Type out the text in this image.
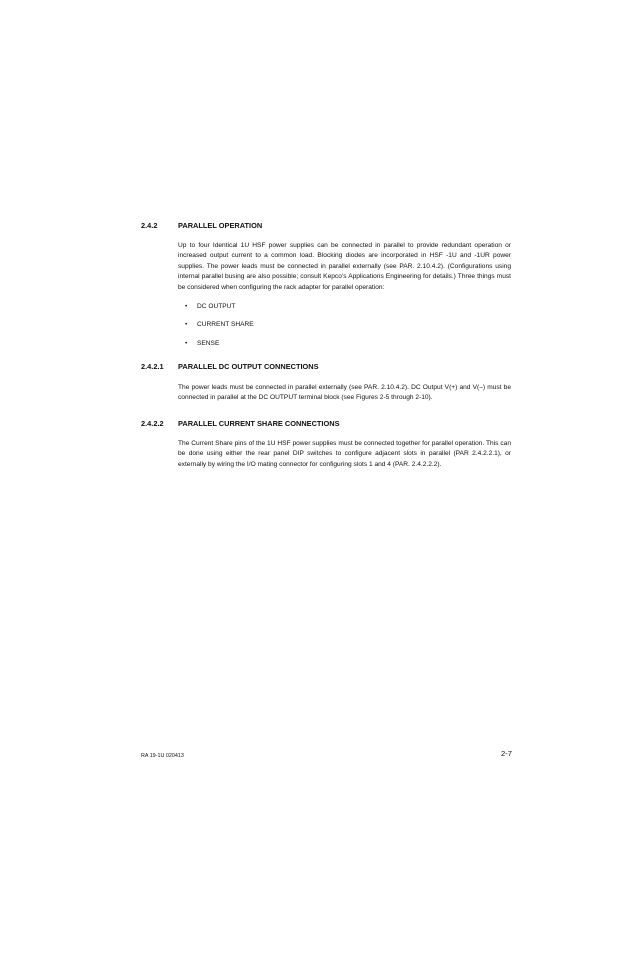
2.4.2	PARALLEL OPERATION
Up to four Identical 1U HSF power supplies can be connected in parallel to provide redundant operation or increased output current to a common load. Blocking diodes are incorporated in HSF -1U and -1UR power supplies. The power leads must be connected in parallel externally (see PAR. 2.10.4.2). (Configurations using internal parallel busing are also possible; consult Kepco’s Applications Engineering for details.) Three things must be considered when configuring the rack adapter for parallel operation:
• DC OUTPUT
• CURRENT SHARE
• SENSE
2.4.2.1 PARALLEL DC OUTPUT CONNECTIONS
The power leads must be connected in parallel externally (see PAR. 2.10.4.2). DC Output V(+) and V(–) must be connected in parallel at the DC OUTPUT terminal block (see Figures 2-5 through 2-10).
2.4.2.2 PARALLEL CURRENT SHARE CONNECTIONS
The Current Share pins of the 1U HSF power supplies must be connected together for parallel operation. This can be done using either the rear panel DIP switches to configure adjacent slots in parallel (PAR 2.4.2.2.1), or externally by wiring the I/O mating connector for configuring slots 1 and 4 (PAR. 2.4.2.2.2).
RA 19-1U 020413	2-7
